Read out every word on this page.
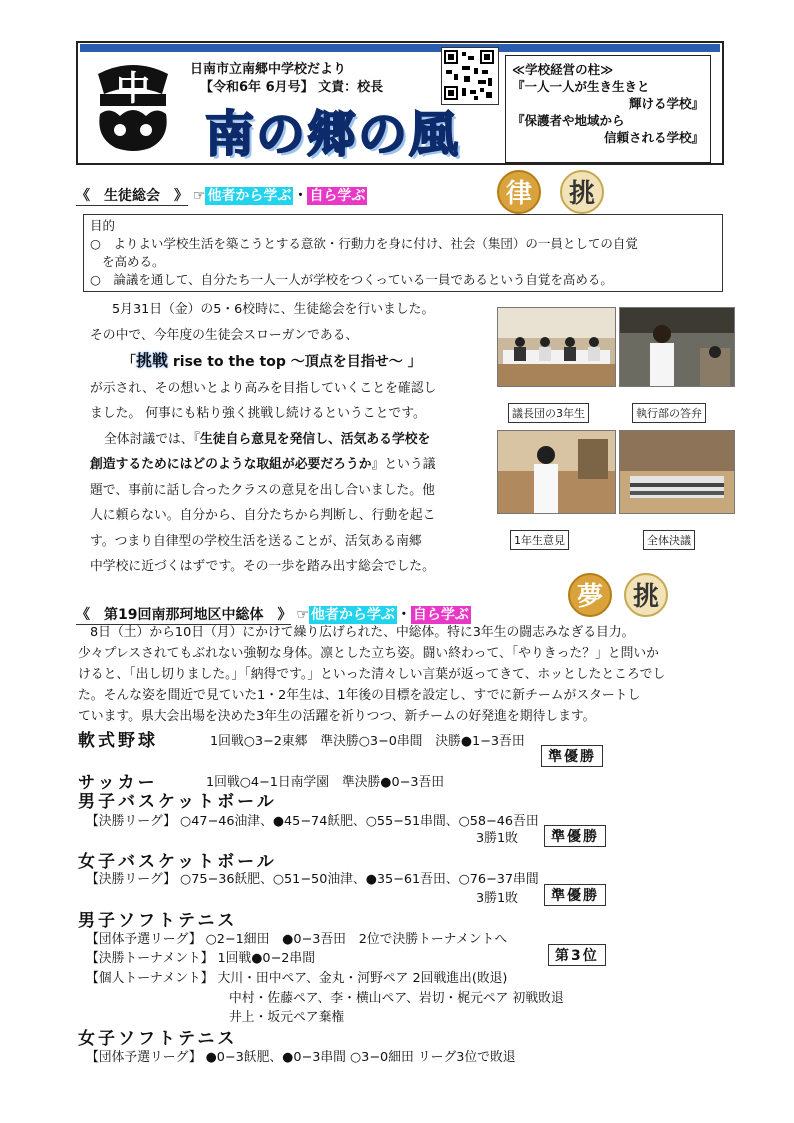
中	日南市立南郷中学校だより
【令和6年 6月号】 文責：校長
南の郷の風
≪学校経営の柱≫
『一人一人が生き生きと
輝ける学校』
『保護者や地域から
信頼される学校』
《　生徒総会　》 ☞ 他者から学ぶ ・ 自ら学ぶ	律	挑
目的
○　よりよい学校生活を築こうとする意欲・行動力を身に付け、社会（集団）の一員としての自覚
を高める。
○　論議を通して、自分たち一人一人が学校をつくっている一員であるという自覚を高める。
5月31日（金）の5・6校時に、生徒総会を行いました。
その中で、今年度の生徒会スローガンである、
「挑戦 rise to the top ～頂点を目指せ～ 」
が示され、その想いとより高みを目指していくことを確認し
ました。 何事にも粘り強く挑戦し続けるということです。
全体討議では、『生徒自ら意見を発信し、活気ある学校を
創造するためにはどのような取組が必要だろうか』という議
題で、事前に話し合ったクラスの意見を出し合いました。他
人に頼らない。自分から、自分たちから判断し、行動を起こ
す。つまり自律型の学校生活を送ることが、活気ある南郷
中学校に近づくはずです。その一歩を踏み出す総会でした。
議長団の3年生	執行部の答弁
1年生意見	全体決議
《　第19回南那珂地区中総体　》 ☞ 他者から学ぶ ・ 自ら学ぶ
夢	挑
8日（土）から10日（月）にかけて繰り広げられた、中総体。特に3年生の闘志みなぎる目力。
少々プレスされてもぶれない強靭な身体。凛とした立ち姿。闘い終わって、「やりきった？」と問いか
けると、「出し切りました。」「納得です。」といった清々しい言葉が返ってきて、ホッとしたところでし
た。そんな姿を間近で見ていた1・2年生は、1年後の目標を設定し、すでに新チームがスタートし
ています。県大会出場を決めた3年生の活躍を祈りつつ、新チームの好発進を期待します。
軟式野球	1回戦○3−2東郷　準決勝○3−0串間　決勝●1−3吾田
準優勝
サッカー	1回戦○4−1日南学園　準決勝●0−3吾田
男子バスケットボール
【決勝リーグ】 ○47−46油津、●45−74飫肥、○55−51串間、○58−46吾田
3勝1敗	準優勝
女子バスケットボール
【決勝リーグ】 ○75−36飫肥、○51−50油津、●35−61吾田、○76−37串間
3勝1敗	準優勝
男子ソフトテニス
【団体予選リーグ】 ○2−1細田　●0−3吾田　2位で決勝トーナメントへ
【決勝トーナメント】 1回戦●0−2串間	第3位
【個人トーナメント】 大川・田中ペア、金丸・河野ペア 2回戦進出(敗退)
中村・佐藤ペア、李・横山ペア、岩切・梶元ペア 初戦敗退
井上・坂元ペア棄権
女子ソフトテニス
【団体予選リーグ】 ●0−3飫肥、●0−3串間 ○3−0細田 リーグ3位で敗退
